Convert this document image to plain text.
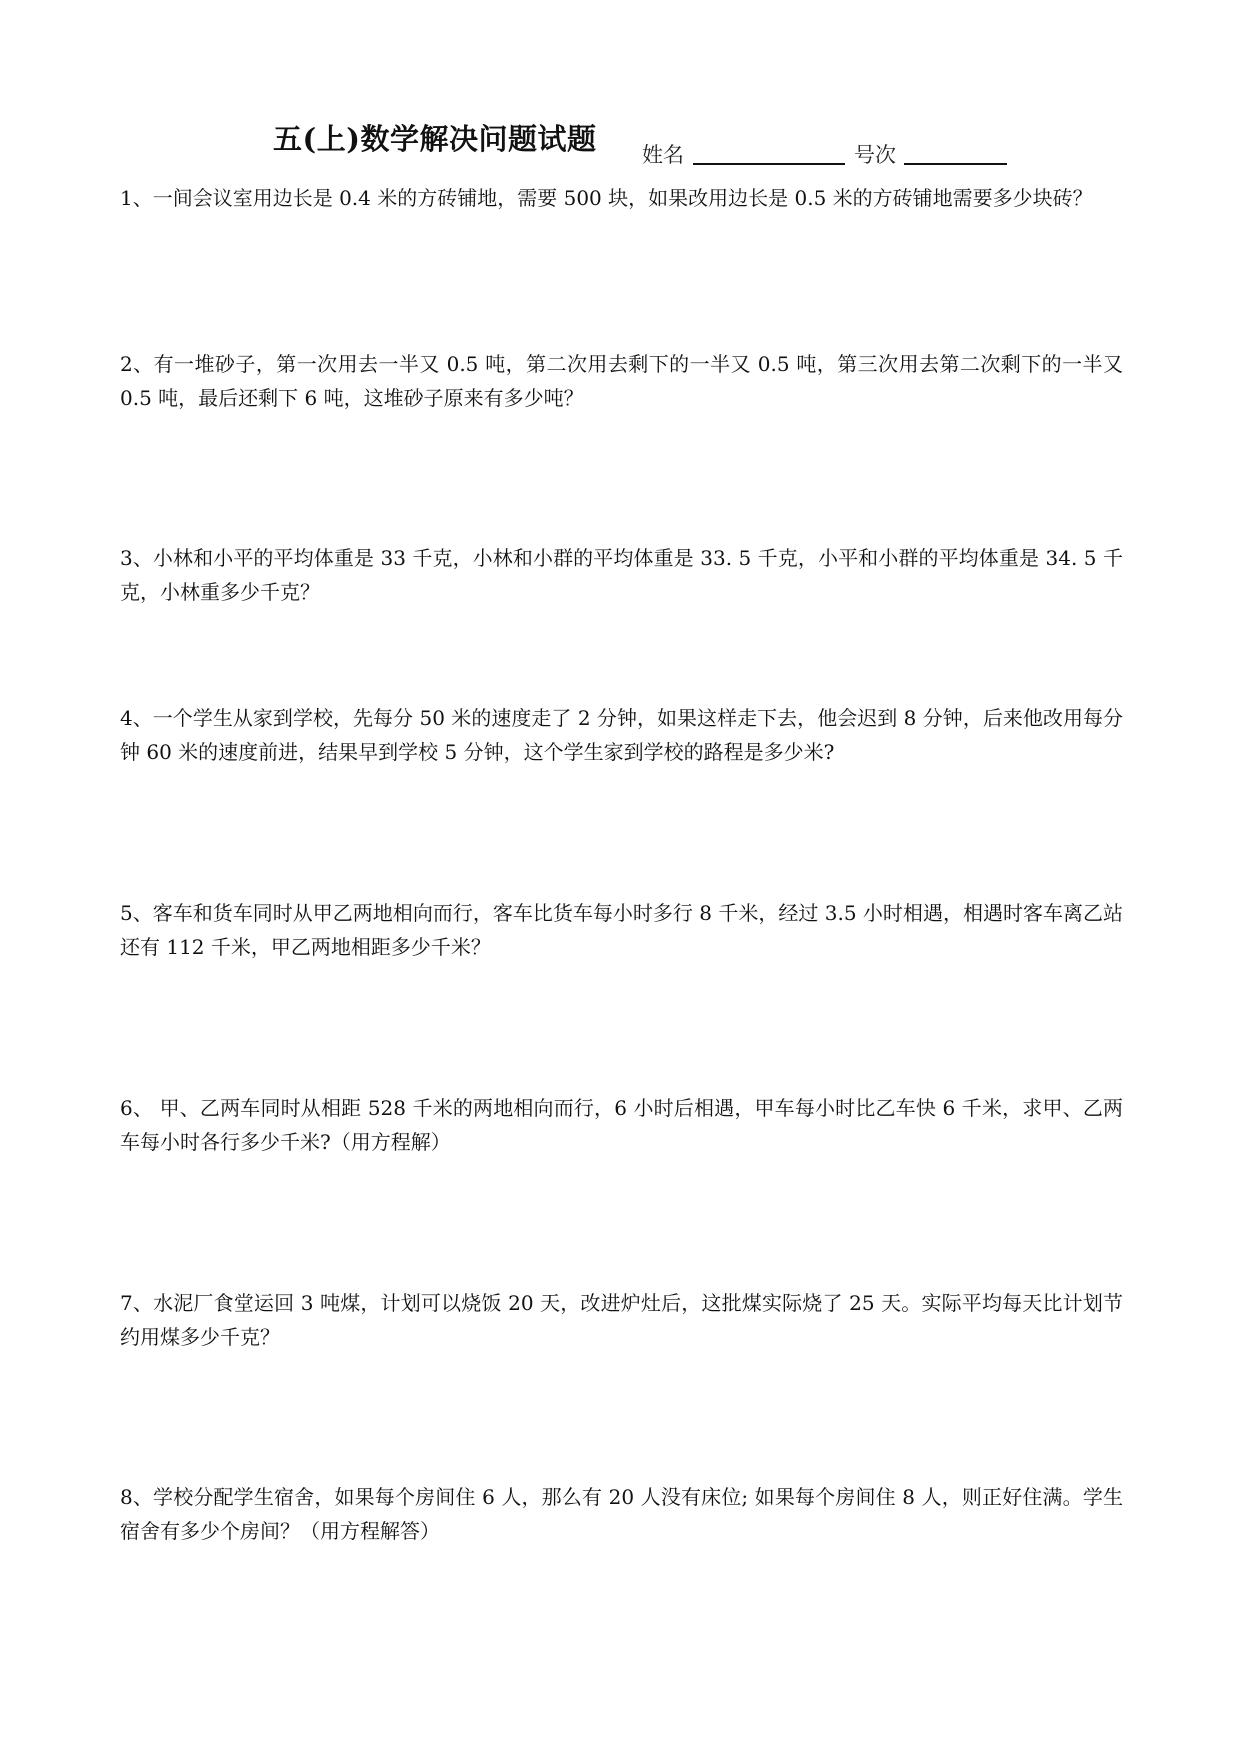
五(上)数学解决问题试题 姓名	号次

1、一间会议室用边长是 0.4 米的方砖铺地，需要 500 块，如果改用边长是 0.5 米的方砖铺地需要多少块砖？

2、有一堆砂子，第一次用去一半又 0.5 吨，第二次用去剩下的一半又 0.5 吨，第三次用去第二次剩下的一半又 0.5 吨，最后还剩下 6 吨，这堆砂子原来有多少吨？

3、小林和小平的平均体重是 33 千克，小林和小群的平均体重是 33. 5 千克，小平和小群的平均体重是 34. 5 千克，小林重多少千克？

4、一个学生从家到学校，先每分 50 米的速度走了 2 分钟，如果这样走下去，他会迟到 8 分钟，后来他改用每分钟 60 米的速度前进，结果早到学校 5 分钟，这个学生家到学校的路程是多少米?

5、客车和货车同时从甲乙两地相向而行，客车比货车每小时多行 8 千米，经过 3.5 小时相遇，相遇时客车离乙站还有 112 千米，甲乙两地相距多少千米？

6、 甲、乙两车同时从相距 528 千米的两地相向而行，6 小时后相遇，甲车每小时比乙车快 6 千米，求甲、乙两车每小时各行多少千米?（用方程解）

7、水泥厂食堂运回 3 吨煤，计划可以烧饭 20 天，改进炉灶后，这批煤实际烧了 25 天。实际平均每天比计划节约用煤多少千克？

8、学校分配学生宿舍，如果每个房间住 6 人，那么有 20 人没有床位; 如果每个房间住 8 人，则正好住满。学生宿舍有多少个房间？（用方程解答）
